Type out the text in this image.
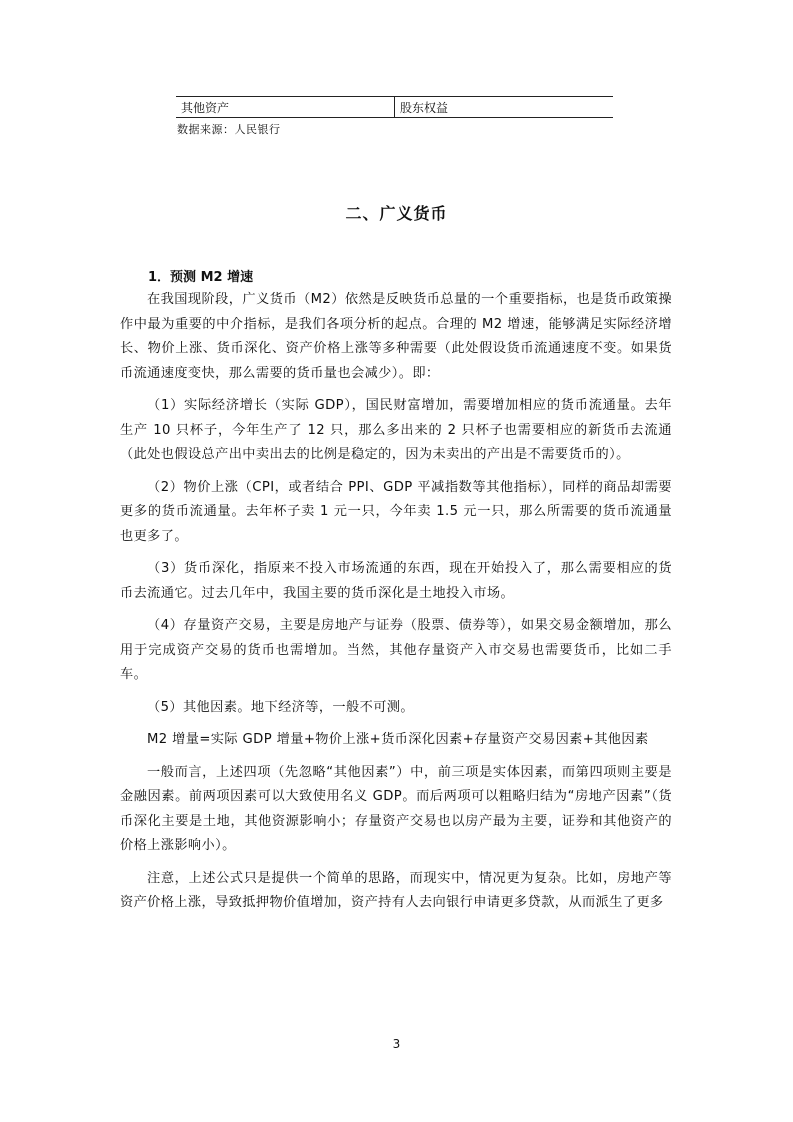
其他资产	股东权益
数据来源：人民银行
二、广义货币
1．预测 M2 增速

在我国现阶段，广义货币（M2）依然是反映货币总量的一个重要指标，也是货币政策操作中最为重要的中介指标，是我们各项分析的起点。合理的 M2 增速，能够满足实际经济增长、物价上涨、货币深化、资产价格上涨等多种需要（此处假设货币流通速度不变。如果货币流通速度变快，那么需要的货币量也会减少）。即：

（1）实际经济增长（实际 GDP），国民财富增加，需要增加相应的货币流通量。去年生产 10 只杯子，今年生产了 12 只，那么多出来的 2 只杯子也需要相应的新货币去流通（此处也假设总产出中卖出去的比例是稳定的，因为未卖出的产出是不需要货币的）。

（2）物价上涨（CPI，或者结合 PPI、GDP 平减指数等其他指标），同样的商品却需要更多的货币流通量。去年杯子卖 1 元一只，今年卖 1.5 元一只，那么所需要的货币流通量也更多了。

（3）货币深化，指原来不投入市场流通的东西，现在开始投入了，那么需要相应的货币去流通它。过去几年中，我国主要的货币深化是土地投入市场。

（4）存量资产交易，主要是房地产与证券（股票、债券等），如果交易金额增加，那么用于完成资产交易的货币也需增加。当然，其他存量资产入市交易也需要货币，比如二手车。

（5）其他因素。地下经济等，一般不可测。

M2 增量=实际 GDP 增量+物价上涨+货币深化因素+存量资产交易因素+其他因素

一般而言，上述四项（先忽略“其他因素”）中，前三项是实体因素，而第四项则主要是金融因素。前两项因素可以大致使用名义 GDP。而后两项可以粗略归结为“房地产因素”（货币深化主要是土地，其他资源影响小；存量资产交易也以房产最为主要，证券和其他资产的价格上涨影响小）。

注意，上述公式只是提供一个简单的思路，而现实中，情况更为复杂。比如，房地产等资产价格上涨，导致抵押物价值增加，资产持有人去向银行申请更多贷款，从而派生了更多

3
